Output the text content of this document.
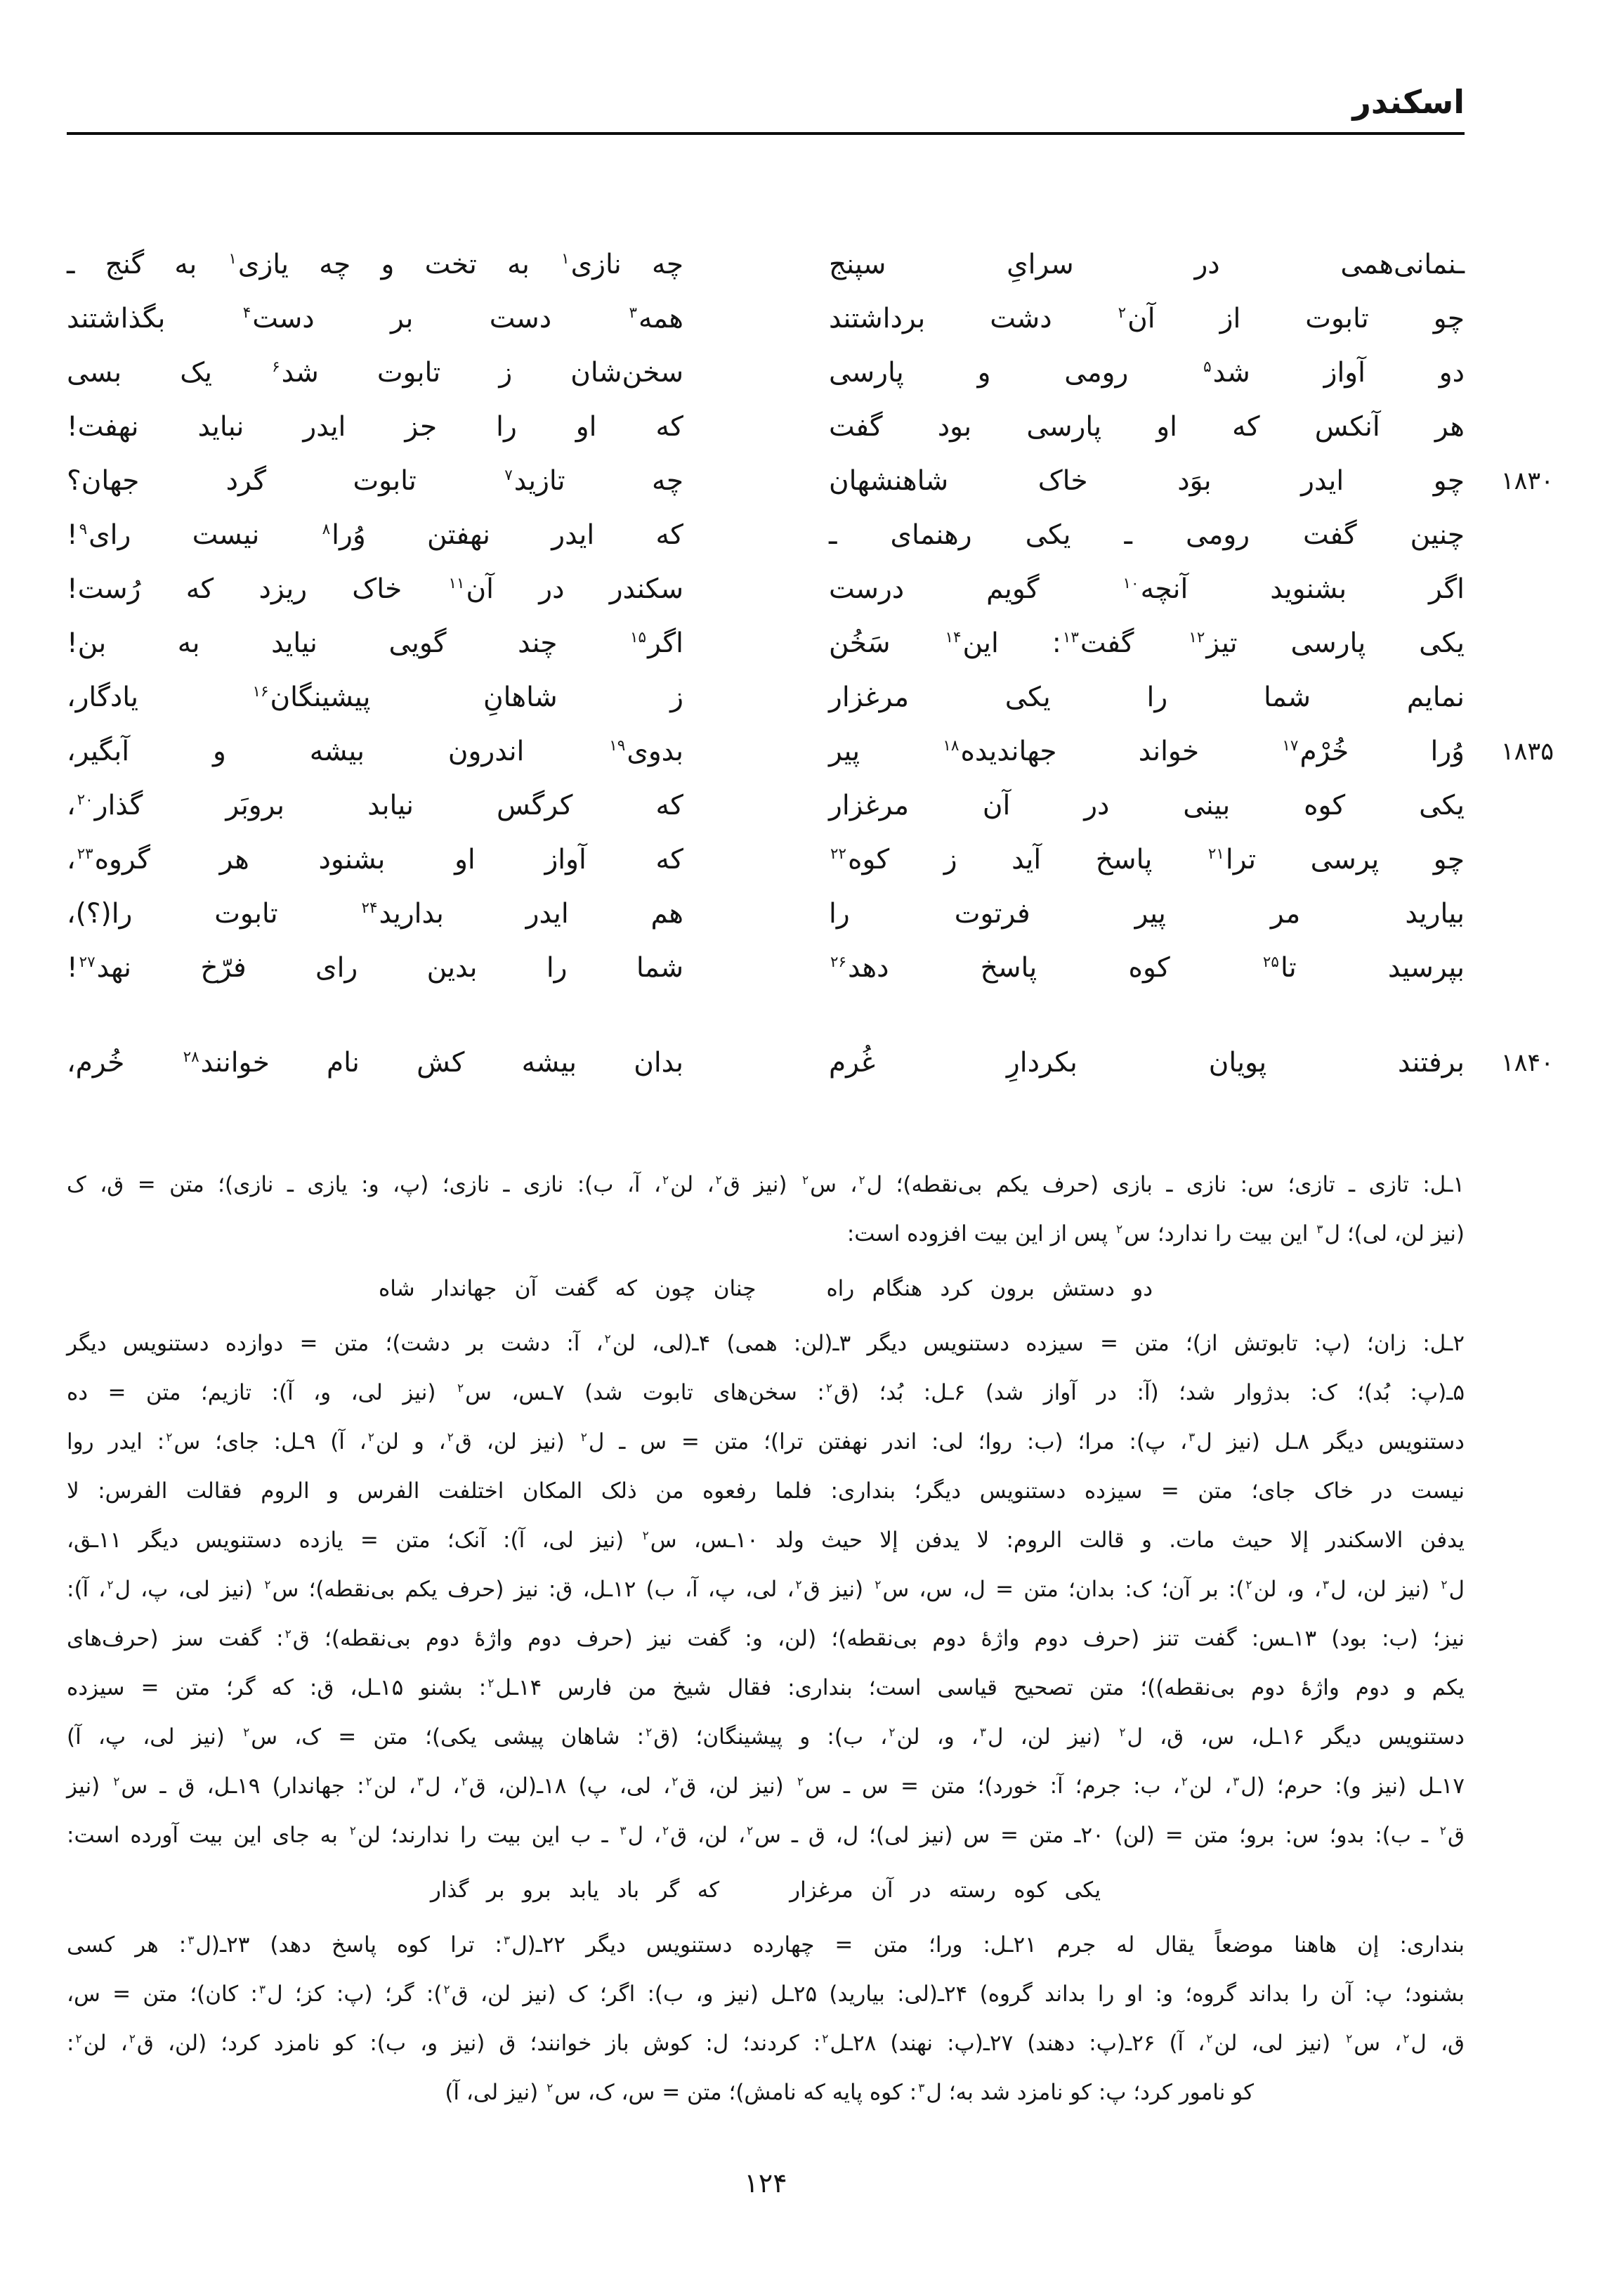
اسکندر
ـنمانی‌همی در سرایِ سپنج
چه نازی$^۱$ به تخت و چه یازی$^۱$ به گنج ـ
چو تابوت از آن$^۲$ دشت برداشتند
همه$^۳$ دست بر دست$^۴$ بگذاشتند
دو آواز شد$^۵$ رومی و پارسی
سخن‌شان ز تابوت شد$^۶$ یک بسی
هر آنکس که او پارسی بود گفت
که او را جز ایدر نباید نهفت!
۱۸۳۰
چو ایدر بوَد خاک شاهنشهان
چه تازید$^۷$ تابوت گرد جهان؟
چنین گفت رومی ـ یکی رهنمای ـ
که ایدر نهفتن وُرا$^۸$ نیست رای$^۹$!
اگر بشنوید آنچه$^{۱۰}$ گویم درست
سکندر در آن$^{۱۱}$ خاک ریزد که رُست!
یکی پارسی تیز$^{۱۲}$ گفت$^{۱۳}$: این$^{۱۴}$ سَخُن
اگر$^{۱۵}$ چند گویی نیاید به بن!
نمایم شما را یکی مرغزار
ز شاهانِ پیشینگان$^{۱۶}$ یادگار،
۱۸۳۵
وُرا خُرْم$^{۱۷}$ خواند جهاندیده$^{۱۸}$ پیر
بدوی$^{۱۹}$ اندرون بیشه و آبگیر،
یکی کوه بینی در آن مرغزار
که کرگس نیابد بروبَر گذار$^{۲۰}$،
چو پرسی ترا$^{۲۱}$ پاسخ آید ز کوه$^{۲۲}$
که آواز او بشنود هر گروه$^{۲۳}$،
بیارید مر پیر فرتوت را
هم ایدر بدارید$^{۲۴}$ تابوت را(؟)،
بپرسید تا$^{۲۵}$ کوه پاسخ دهد$^{۲۶}$
شما را بدین رای فرّخ نهد$^{۲۷}$!
۱۸۴۰
برفتند پویان بکردارِ غُرم
بدان بیشه کش نام خوانند$^{۲۸}$ خُرم،
۱ـل: تازی ـ تازی؛ س: نازی ـ بازی (حرف یکم بی‌نقطه)؛ ل$^۲$، س$^۲$ (نیز ق$^۲$، لن$^۲$، آ، ب): نازی ـ نازی؛ (پ، و: یازی ـ نازی)؛ متن = ق، ک
(نیز لن، لی)؛ ل$^۳$ این بیت را ندارد؛ س$^۲$ پس از این بیت افزوده است:
دو دستش برون کرد هنگام راه
چنان چون که گفت آن جهاندار شاه
۲ـل: زان؛ (پ: تابوتش از)؛ متن = سیزده دستنویس دیگر ۳ـ(لن: همی) ۴ـ(لی، لن$^۲$، آ: دشت بر دشت)؛ متن = دوازده دستنویس دیگر
۵ـ(پ: بُد)؛ ک: بدژوار شد؛ (آ: در آواز شد) ۶ـل: بُد؛ (ق$^۲$: سخن‌های تابوت شد) ۷ـس، س$^۲$ (نیز لی، و، آ): تازیم؛ متن = ده
دستنویس دیگر ۸ـل (نیز ل$^۳$، پ): مرا؛ (ب: روا؛ لی: اندر نهفتن ترا)؛ متن = س ـ ل$^۲$ (نیز لن، ق$^۲$، و لن$^۲$، آ) ۹ـل: جای؛ س$^۲$: ایدر روا
نیست در خاک جای؛ متن = سیزده دستنویس دیگر؛ بنداری: فلما رفعوه من ذلک المکان اختلفت الفرس و الروم فقالت الفرس: لا
یدفن الاسکندر إلا حیث مات. و قالت الروم: لا یدفن إلا حیث ولد ۱۰ـس، س$^۲$ (نیز لی، آ): آنک؛ متن = یازده دستنویس دیگر ۱۱ـق،
ل$^۲$ (نیز لن، ل$^۳$، و، لن$^۲$): بر آن؛ ک: بدان؛ متن = ل، س، س$^۲$ (نیز ق$^۲$، لی، پ، آ، ب) ۱۲ـل، ق: نیز (حرف یکم بی‌نقطه)؛ س$^۲$ (نیز لی، پ، ل$^۲$، آ):
نیز؛ (ب: بود) ۱۳ـس: گفت تنز (حرف دوم واژهٔ دوم بی‌نقطه)؛ (لن، و: گفت نیز (حرف دوم واژهٔ دوم بی‌نقطه)؛ ق$^۲$: گفت سز (حرف‌های
یکم و دوم واژهٔ دوم بی‌نقطه))؛ متن تصحیح قیاسی است؛ بنداری: فقال شیخ من فارس ۱۴ـل$^۲$: بشنو ۱۵ـل، ق: که گر؛ متن = سیزده
دستنویس دیگر ۱۶ـل، س، ق، ل$^۲$ (نیز لن، ل$^۳$، و، لن$^۲$، ب): و پیشینگان؛ (ق$^۲$: شاهان پیشی یکی)؛ متن = ک، س$^۲$ (نیز لی، پ، آ)
۱۷ـل (نیز و): حرم؛ (ل$^۳$، لن$^۲$، ب: جرم؛ آ: خورد)؛ متن = س ـ س$^۲$ (نیز لن، ق$^۲$، لی، پ) ۱۸ـ(لن، ق$^۲$، ل$^۳$، لن$^۲$: جهاندار) ۱۹ـل، ق ـ س$^۲$ (نیز
ق$^۲$ ـ ب): بدو؛ س: برو؛ متن = (لن) ۲۰ـ متن = س (نیز لی)؛ ل، ق ـ س$^۲$، لن، ق$^۲$، ل$^۳$ ـ ب این بیت را ندارند؛ لن$^۲$ به جای این بیت آورده است:
یکی کوه رسته در آن مرغزار
که گر باد یابد برو بر گذار
بنداری: إن هاهنا موضعاً یقال له جرم ۲۱ـل: ورا؛ متن = چهارده دستنویس دیگر ۲۲ـ(ل$^۳$: ترا کوه پاسخ دهد) ۲۳ـ(ل$^۳$: هر کسی
بشنود؛ پ: آن را بداند گروه؛ و: او را بداند گروه) ۲۴ـ(لی: بیارید) ۲۵ـل (نیز و، ب): اگر؛ ک (نیز لن، ق$^۲$): گر؛ (پ: کز؛ ل$^۳$: کان)؛ متن = س،
ق، ل$^۲$، س$^۲$ (نیز لی، لن$^۲$، آ) ۲۶ـ(پ: دهند) ۲۷ـ(پ: نهند) ۲۸ـل$^۲$: کردند؛ ل: کوش باز خوانند؛ ق (نیز و، ب): کو نامزد کرد؛ (لن، ق$^۲$، لن$^۲$:
کو نامور کرد؛ پ: کو نامزد شد به؛ ل$^۳$: کوه پایه که نامش)؛ متن = س، ک، س$^۲$ (نیز لی، آ)
۱۲۴
